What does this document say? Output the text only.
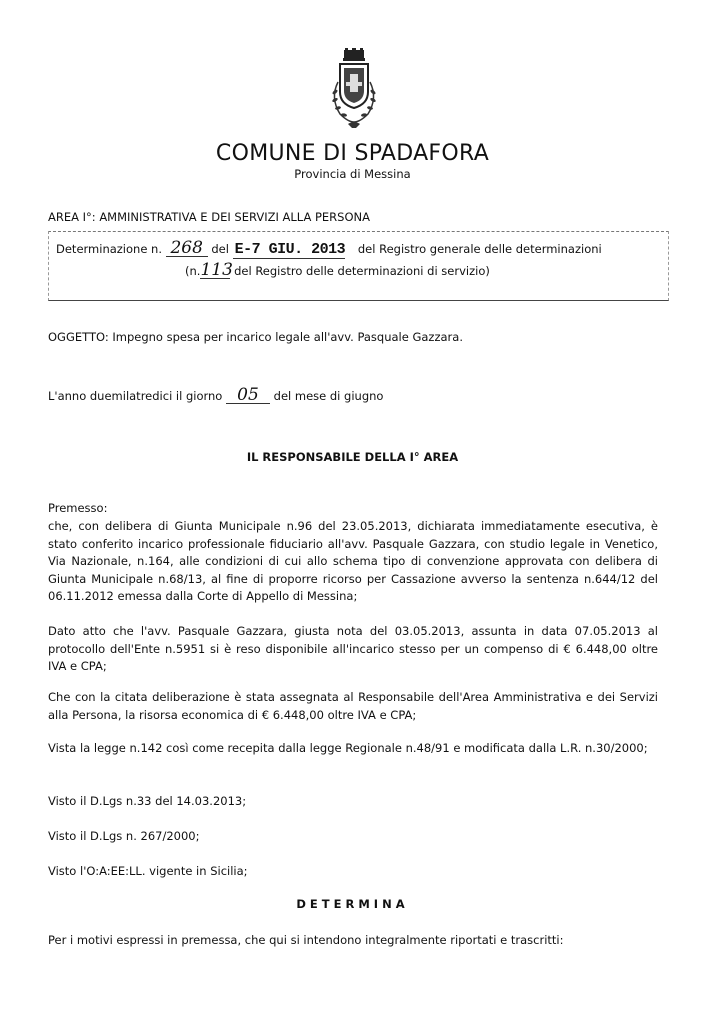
COMUNE DI SPADAFORA
Provincia di Messina
AREA I°: AMMINISTRATIVA E DEI SERVIZI ALLA PERSONA
Determinazione n. 268 del E-7 GIU. 2013 del Registro generale delle determinazioni
(n.113 del Registro delle determinazioni di servizio)
OGGETTO: Impegno spesa per incarico legale all'avv. Pasquale Gazzara.
L'anno duemilatredici il giorno 05 del mese di giugno
IL RESPONSABILE DELLA I° AREA
Premesso:
che, con delibera di Giunta Municipale n.96 del 23.05.2013, dichiarata immediatamente esecutiva, è stato conferito incarico professionale fiduciario all'avv. Pasquale Gazzara, con studio legale in Venetico, Via Nazionale, n.164, alle condizioni di cui allo schema tipo di convenzione approvata con delibera di Giunta Municipale n.68/13, al fine di proporre ricorso per Cassazione avverso la sentenza n.644/12 del 06.11.2012 emessa dalla Corte di Appello di Messina;
Dato atto che l'avv. Pasquale Gazzara, giusta nota del 03.05.2013, assunta in data 07.05.2013 al protocollo dell'Ente n.5951 si è reso disponibile all'incarico stesso per un compenso di € 6.448,00 oltre IVA e CPA;
Che con la citata deliberazione è stata assegnata al Responsabile dell'Area Amministrativa e dei Servizi alla Persona, la risorsa economica di € 6.448,00 oltre IVA e CPA;
Vista la legge n.142 così come recepita dalla legge Regionale n.48/91 e modificata dalla L.R. n.30/2000;
Visto il D.Lgs n.33 del 14.03.2013;
Visto il D.Lgs n. 267/2000;
Visto l'O:A:EE:LL. vigente in Sicilia;
DETERMINA
Per i motivi espressi in premessa, che qui si intendono integralmente riportati e trascritti:
